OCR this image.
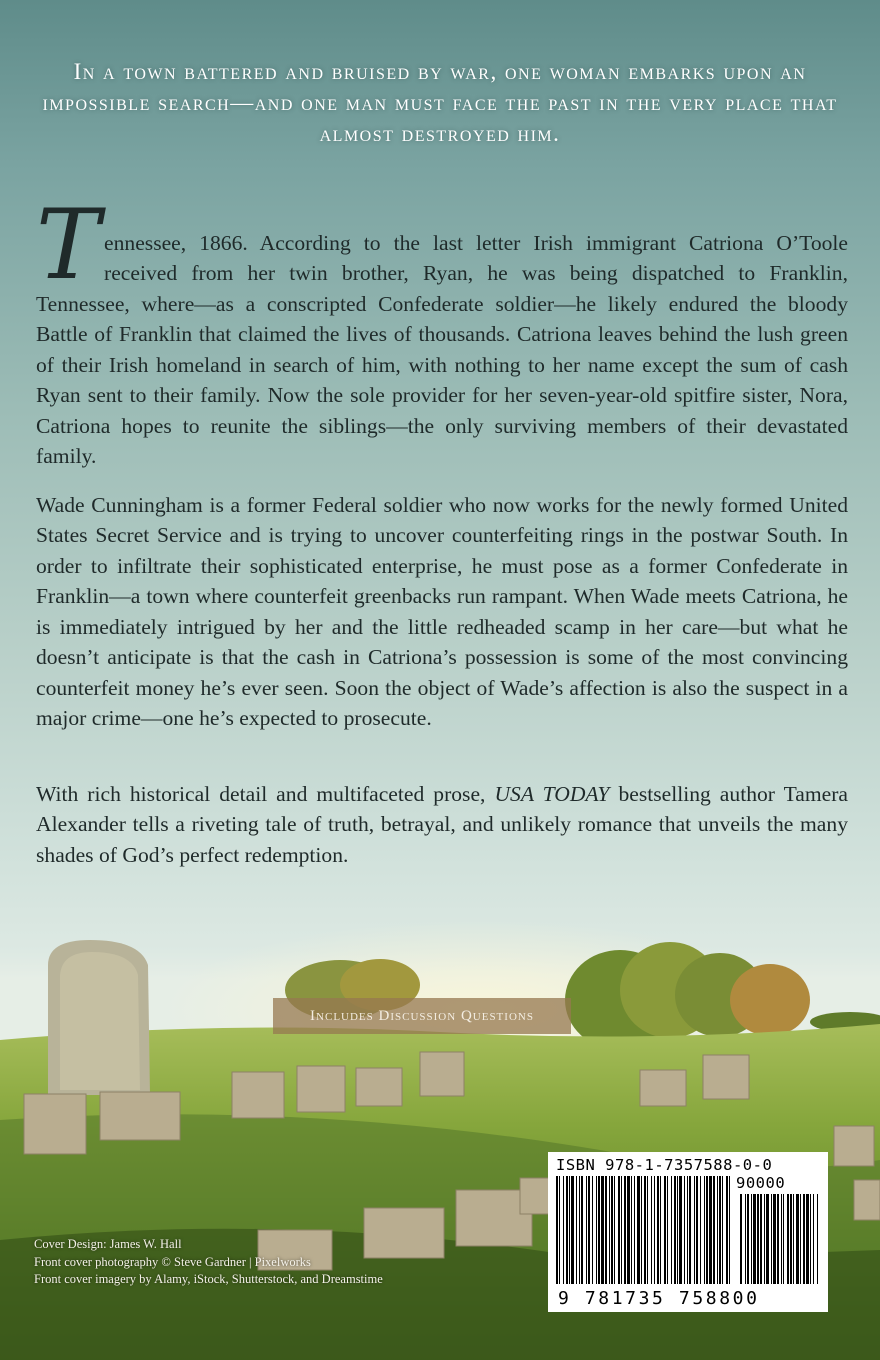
In a town battered and bruised by war, one woman embarks upon an impossible search—and one man must face the past in the very place that almost destroyed him.

Tennessee, 1866. According to the last letter Irish immigrant Catriona O’Toole received from her twin brother, Ryan, he was being dispatched to Franklin, Tennessee, where—as a conscripted Confederate soldier—he likely endured the bloody Battle of Franklin that claimed the lives of thousands. Catriona leaves behind the lush green of their Irish homeland in search of him, with nothing to her name except the sum of cash Ryan sent to their family. Now the sole provider for her seven-year-old spitfire sister, Nora, Catriona hopes to reunite the siblings—the only surviving members of their devastated family.

Wade Cunningham is a former Federal soldier who now works for the newly formed United States Secret Service and is trying to uncover counterfeiting rings in the postwar South. In order to infiltrate their sophisticated enterprise, he must pose as a former Confederate in Franklin—a town where counterfeit greenbacks run rampant. When Wade meets Catriona, he is immediately intrigued by her and the little redheaded scamp in her care—but what he doesn’t anticipate is that the cash in Catriona’s possession is some of the most convincing counterfeit money he’s ever seen. Soon the object of Wade’s affection is also the suspect in a major crime—one he’s expected to prosecute.

With rich historical detail and multifaceted prose, USA TODAY bestselling author Tamera Alexander tells a riveting tale of truth, betrayal, and unlikely romance that unveils the many shades of God’s perfect redemption.

Includes Discussion Questions
Cover Design: James W. Hall
Front cover photography © Steve Gardner | Pixelworks
Front cover imagery by Alamy, iStock, Shutterstock, and Dreamstime
ISBN 978-1-7357588-0-0
90000
9 781735 758800
